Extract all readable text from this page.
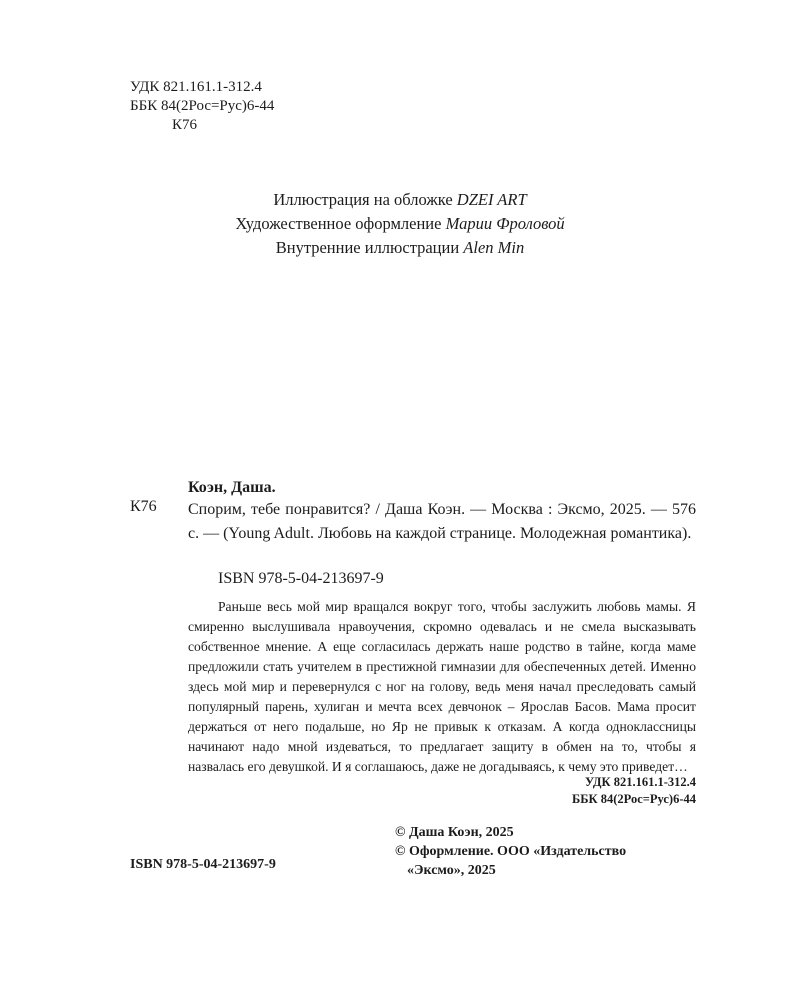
УДК 821.161.1-312.4
ББК 84(2Рос=Рус)6-44
К76
Иллюстрация на обложке DZEI ART
Художественное оформление Марии Фроловой
Внутренние иллюстрации Alen Min
Коэн, Даша.
К76 Спорим, тебе понравится? / Даша Коэн. — Москва : Эксмо, 2025. — 576 с. — (Young Adult. Любовь на каждой странице. Молодежная романтика).
ISBN 978-5-04-213697-9
Раньше весь мой мир вращался вокруг того, чтобы заслужить любовь мамы. Я смиренно выслушивала нравоучения, скромно одевалась и не смела высказывать собственное мнение. А еще согласилась держать наше родство в тайне, когда маме предложили стать учителем в престижной гимназии для обеспеченных детей. Именно здесь мой мир и перевернулся с ног на голову, ведь меня начал преследовать самый популярный парень, хулиган и мечта всех девчонок – Ярослав Басов. Мама просит держаться от него подальше, но Яр не привык к отказам. А когда одноклассницы начинают надо мной издеваться, то предлагает защиту в обмен на то, чтобы я назвалась его девушкой. И я соглашаюсь, даже не догадываясь, к чему это приведет…
УДК 821.161.1-312.4
ББК 84(2Рос=Рус)6-44
© Даша Коэн, 2025
© Оформление. ООО «Издательство
«Эксмо», 2025
ISBN 978-5-04-213697-9
